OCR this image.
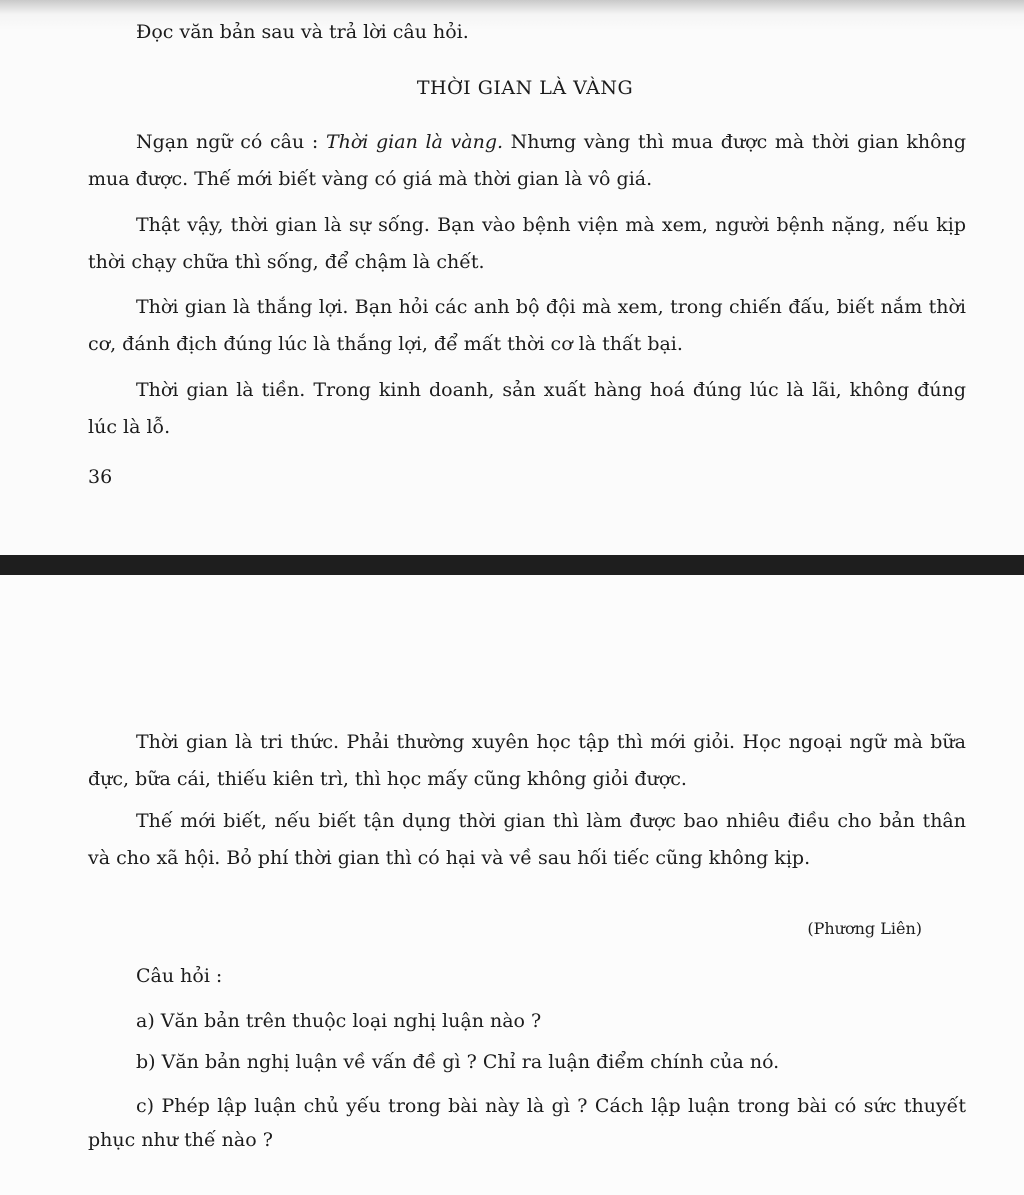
Đọc văn bản sau và trả lời câu hỏi.

THỜI GIAN LÀ VÀNG

Ngạn ngữ có câu : Thời gian là vàng. Nhưng vàng thì mua được mà thời gian không mua được. Thế mới biết vàng có giá mà thời gian là vô giá.

Thật vậy, thời gian là sự sống. Bạn vào bệnh viện mà xem, người bệnh nặng, nếu kịp thời chạy chữa thì sống, để chậm là chết.

Thời gian là thắng lợi. Bạn hỏi các anh bộ đội mà xem, trong chiến đấu, biết nắm thời cơ, đánh địch đúng lúc là thắng lợi, để mất thời cơ là thất bại.

Thời gian là tiền. Trong kinh doanh, sản xuất hàng hoá đúng lúc là lãi, không đúng lúc là lỗ.

36

Thời gian là tri thức. Phải thường xuyên học tập thì mới giỏi. Học ngoại ngữ mà bữa đực, bữa cái, thiếu kiên trì, thì học mấy cũng không giỏi được.

Thế mới biết, nếu biết tận dụng thời gian thì làm được bao nhiêu điều cho bản thân và cho xã hội. Bỏ phí thời gian thì có hại và về sau hối tiếc cũng không kịp.

(Phương Liên)

Câu hỏi :

a) Văn bản trên thuộc loại nghị luận nào ?

b) Văn bản nghị luận về vấn đề gì ? Chỉ ra luận điểm chính của nó.

c) Phép lập luận chủ yếu trong bài này là gì ? Cách lập luận trong bài có sức thuyết phục như thế nào ?
